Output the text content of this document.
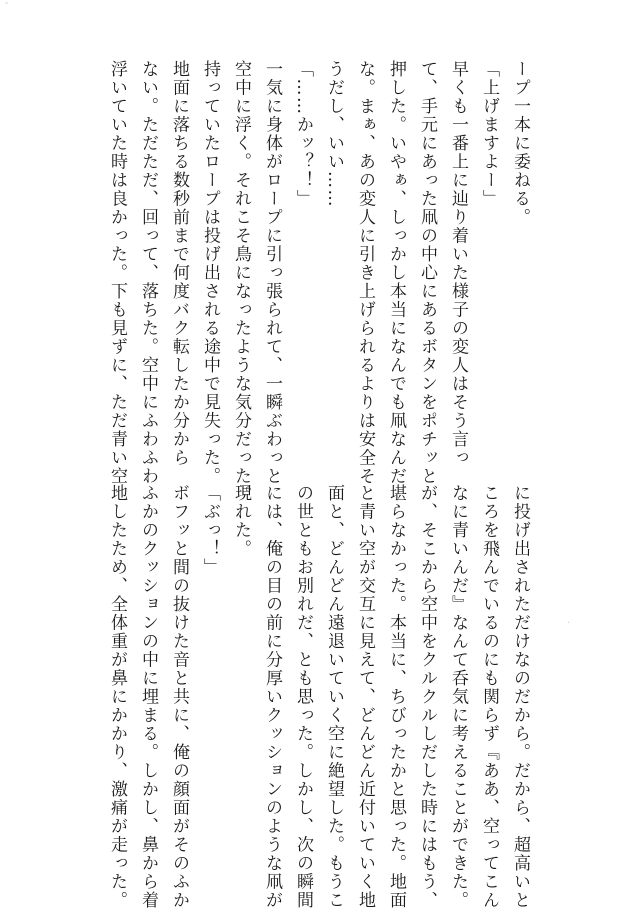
ˇ
·
ープ一本に委ねる。
「上げますよー」
早くも一番上に辿り着いた様子の変人はそう言っ
て、手元にあった凧の中心にあるボタンをポチッと
押した。いやぁ、しっかし本当になんでも凧なんだ
な。まぁ、あの変人に引き上げられるよりは安全そ
うだし、いい……
「……かッ？！」
一気に身体がロープに引っ張られて、一瞬ぶわっと
空中に浮く。それこそ鳥になったような気分だった。
持っていたロープは投げ出される途中で見失った。
地面に落ちる数秒前まで何度バク転したか分から
ない。ただただ、回って、落ちた。空中にふわふわ
浮いていた時は良かった。下も見ずに、ただ青い空
に投げ出されただけなのだから。だから、超高いと
ころを飛んでいるのにも関らず『ああ、空ってこん
なに青いんだ』なんて呑気に考えることができた。
が、そこから空中をクルクルしだした時にはもう、
堪らなかった。本当に、ちびったかと思った。地面
と青い空が交互に見えて、どんどん近付いていく地
面と、どんどん遠退いていく空に絶望した。もうこ
の世ともお別れだ、とも思った。しかし、次の瞬間
には、俺の目の前に分厚いクッションのような凧が
現れた。
「ぶっ！」
ボフッと間の抜けた音と共に、俺の顔面がそのふか
ふかのクッションの中に埋まる。しかし、鼻から着
地したため、全体重が鼻にかかり、激痛が走った。
